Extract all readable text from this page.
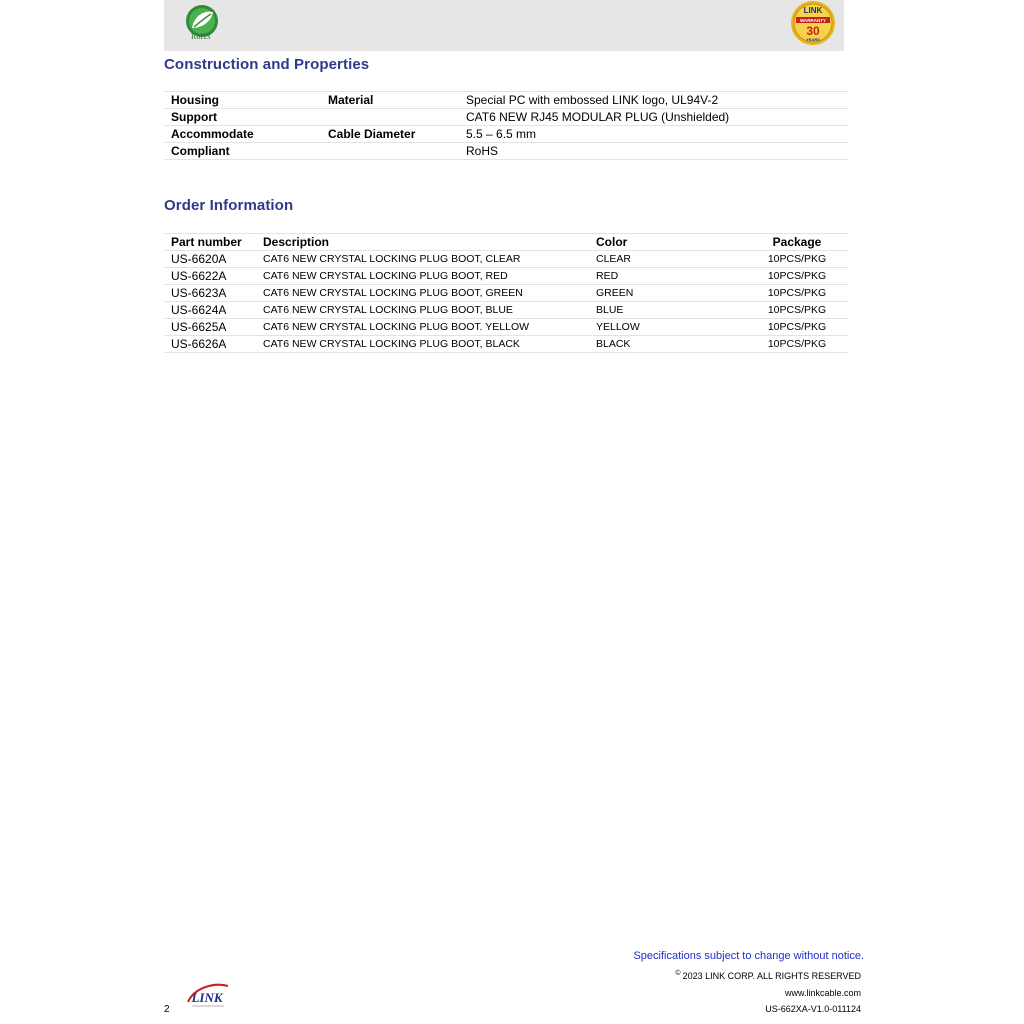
RoHS
LINK
WARRANTY
30
YEARS
Construction and Properties
Housing	Material	Special PC with embossed LINK logo, UL94V-2
Support		CAT6 NEW RJ45 MODULAR PLUG (Unshielded)
Accommodate	Cable Diameter	5.5 – 6.5 mm
Compliant		RoHS
Order Information
Part number	Description	Color	Package
US-6620A	CAT6 NEW CRYSTAL LOCKING PLUG BOOT, CLEAR	CLEAR	10PCS/PKG
US-6622A	CAT6 NEW CRYSTAL LOCKING PLUG BOOT, RED	RED	10PCS/PKG
US-6623A	CAT6 NEW CRYSTAL LOCKING PLUG BOOT, GREEN	GREEN	10PCS/PKG
US-6624A	CAT6 NEW CRYSTAL LOCKING PLUG BOOT, BLUE	BLUE	10PCS/PKG
US-6625A	CAT6 NEW CRYSTAL LOCKING PLUG BOOT. YELLOW	YELLOW	10PCS/PKG
US-6626A	CAT6 NEW CRYSTAL LOCKING PLUG BOOT, BLACK	BLACK	10PCS/PKG
Specifications subject to change without notice.
© 2023 LINK CORP. ALL RIGHTS RESERVED
www.linkcable.com
US-662XA-V1.0-011124
2
LINK
